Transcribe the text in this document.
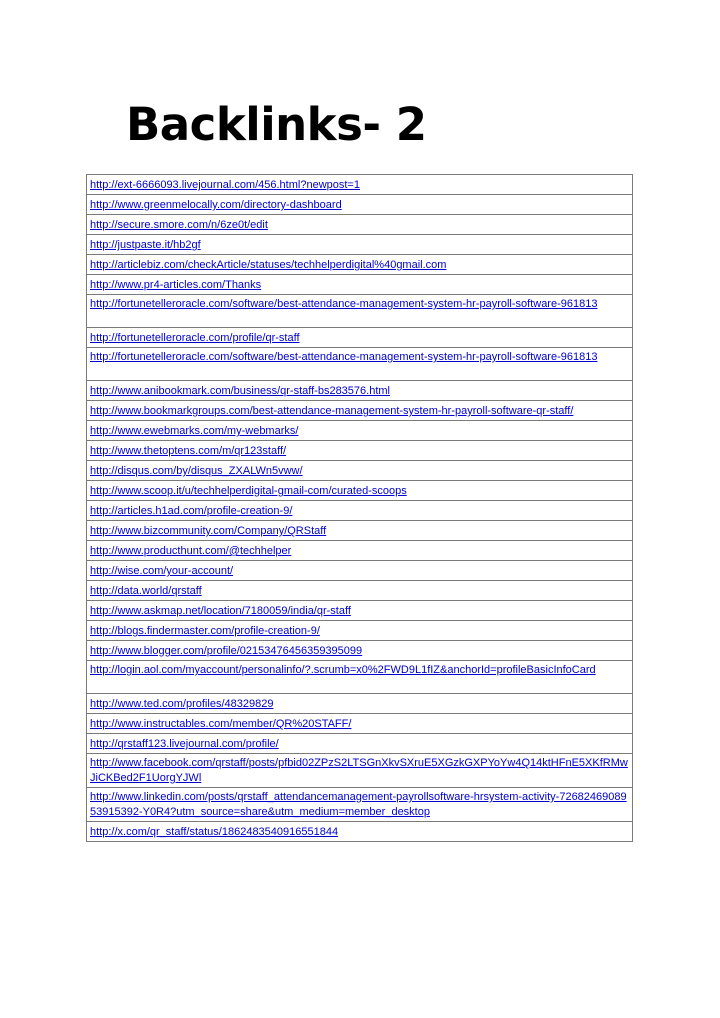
Backlinks- 2
http://ext-6666093.livejournal.com/456.html?newpost=1
http://www.greenmelocally.com/directory-dashboard
http://secure.smore.com/n/6ze0t/edit
http://justpaste.it/hb2gf
http://articlebiz.com/checkArticle/statuses/techhelperdigital%40gmail.com
http://www.pr4-articles.com/Thanks
http://fortunetelleroracle.com/software/best-attendance-management-system-hr-payroll-software-961813
http://fortunetelleroracle.com/profile/qr-staff
http://fortunetelleroracle.com/software/best-attendance-management-system-hr-payroll-software-961813
http://www.anibookmark.com/business/qr-staff-bs283576.html
http://www.bookmarkgroups.com/best-attendance-management-system-hr-payroll-software-qr-staff/
http://www.ewebmarks.com/my-webmarks/
http://www.thetoptens.com/m/qr123staff/
http://disqus.com/by/disqus_ZXALWn5vww/
http://www.scoop.it/u/techhelperdigital-gmail-com/curated-scoops
http://articles.h1ad.com/profile-creation-9/
http://www.bizcommunity.com/Company/QRStaff
http://www.producthunt.com/@techhelper
http://wise.com/your-account/
http://data.world/qrstaff
http://www.askmap.net/location/7180059/india/qr-staff
http://blogs.findermaster.com/profile-creation-9/
http://www.blogger.com/profile/02153476456359395099
http://login.aol.com/myaccount/personalinfo/?.scrumb=x0%2FWD9L1fIZ&anchorId=profileBasicInfoCard
http://www.ted.com/profiles/48329829
http://www.instructables.com/member/QR%20STAFF/
http://qrstaff123.livejournal.com/profile/
http://www.facebook.com/qrstaff/posts/pfbid02ZPzS2LTSGnXkvSXruE5XGzkGXPYoYw4Q14ktHFnE5XKfRMwJiCKBed2F1UorgYJWl
http://www.linkedin.com/posts/qrstaff_attendancemanagement-payrollsoftware-hrsystem-activity-7268246908953915392-Y0R4?utm_source=share&utm_medium=member_desktop
http://x.com/qr_staff/status/1862483540916551844
